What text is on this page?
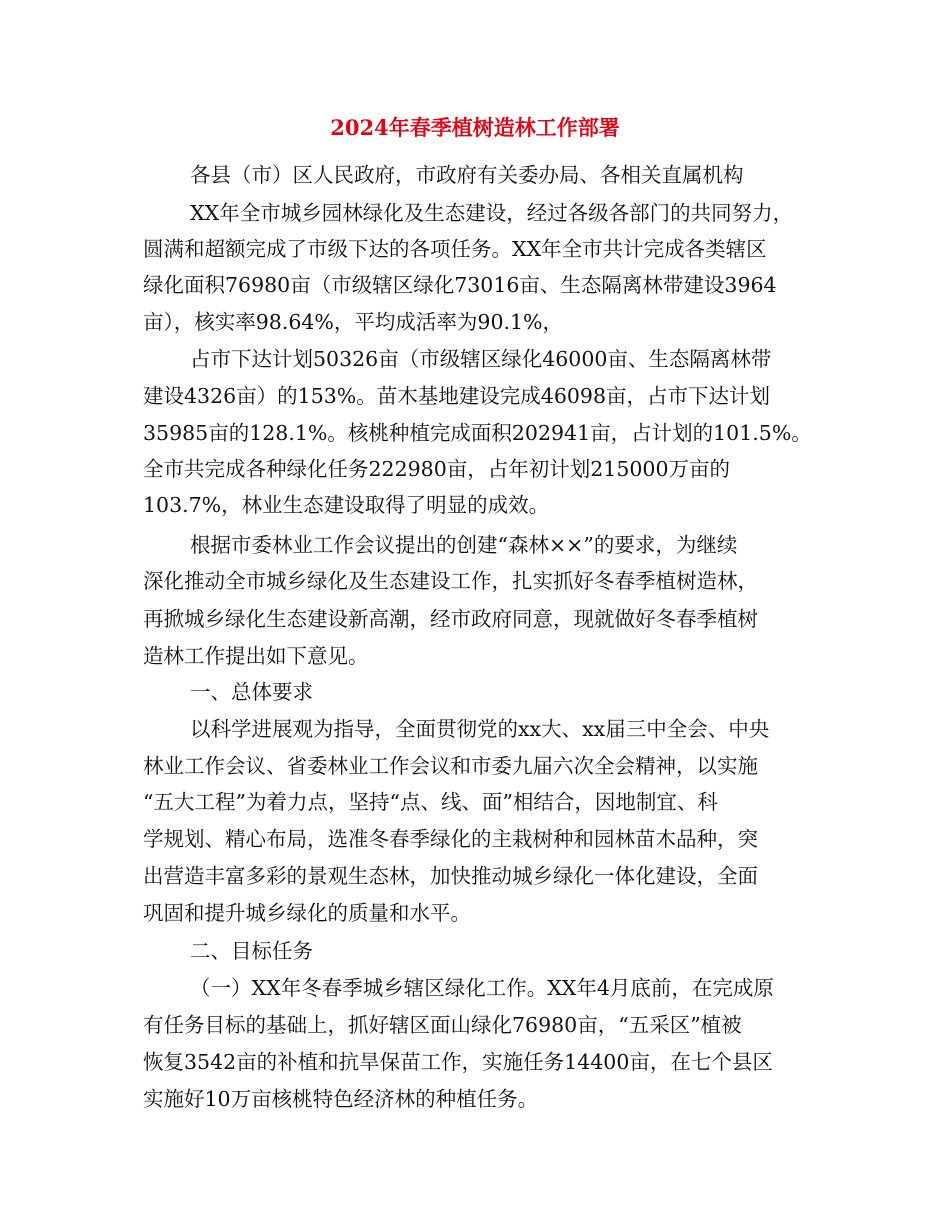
2024年春季植树造林工作部署

各县（市）区人民政府，市政府有关委办局、各相关直属机构

XX年全市城乡园林绿化及生态建设，经过各级各部门的共同努力，

圆满和超额完成了市级下达的各项任务。XX年全市共计完成各类辖区

绿化面积76980亩（市级辖区绿化73016亩、生态隔离林带建设3964

亩），核实率98.64%，平均成活率为90.1%，

占市下达计划50326亩（市级辖区绿化46000亩、生态隔离林带

建设4326亩）的153%。苗木基地建设完成46098亩，占市下达计划

35985亩的128.1%。核桃种植完成面积202941亩，占计划的101.5%。

全市共完成各种绿化任务222980亩，占年初计划215000万亩的

103.7%，林业生态建设取得了明显的成效。

根据市委林业工作会议提出的创建“森林××”的要求，为继续

深化推动全市城乡绿化及生态建设工作，扎实抓好冬春季植树造林，

再掀城乡绿化生态建设新高潮，经市政府同意，现就做好冬春季植树

造林工作提出如下意见。

一、总体要求

以科学进展观为指导，全面贯彻党的xx大、xx届三中全会、中央

林业工作会议、省委林业工作会议和市委九届六次全会精神，以实施

“五大工程”为着力点，坚持“点、线、面”相结合，因地制宜、科

学规划、精心布局，选准冬春季绿化的主栽树种和园林苗木品种，突

出营造丰富多彩的景观生态林，加快推动城乡绿化一体化建设，全面

巩固和提升城乡绿化的质量和水平。

二、目标任务

（一）XX年冬春季城乡辖区绿化工作。XX年4月底前，在完成原

有任务目标的基础上，抓好辖区面山绿化76980亩，“五采区”植被

恢复3542亩的补植和抗旱保苗工作，实施任务14400亩，在七个县区

实施好10万亩核桃特色经济林的种植任务。
